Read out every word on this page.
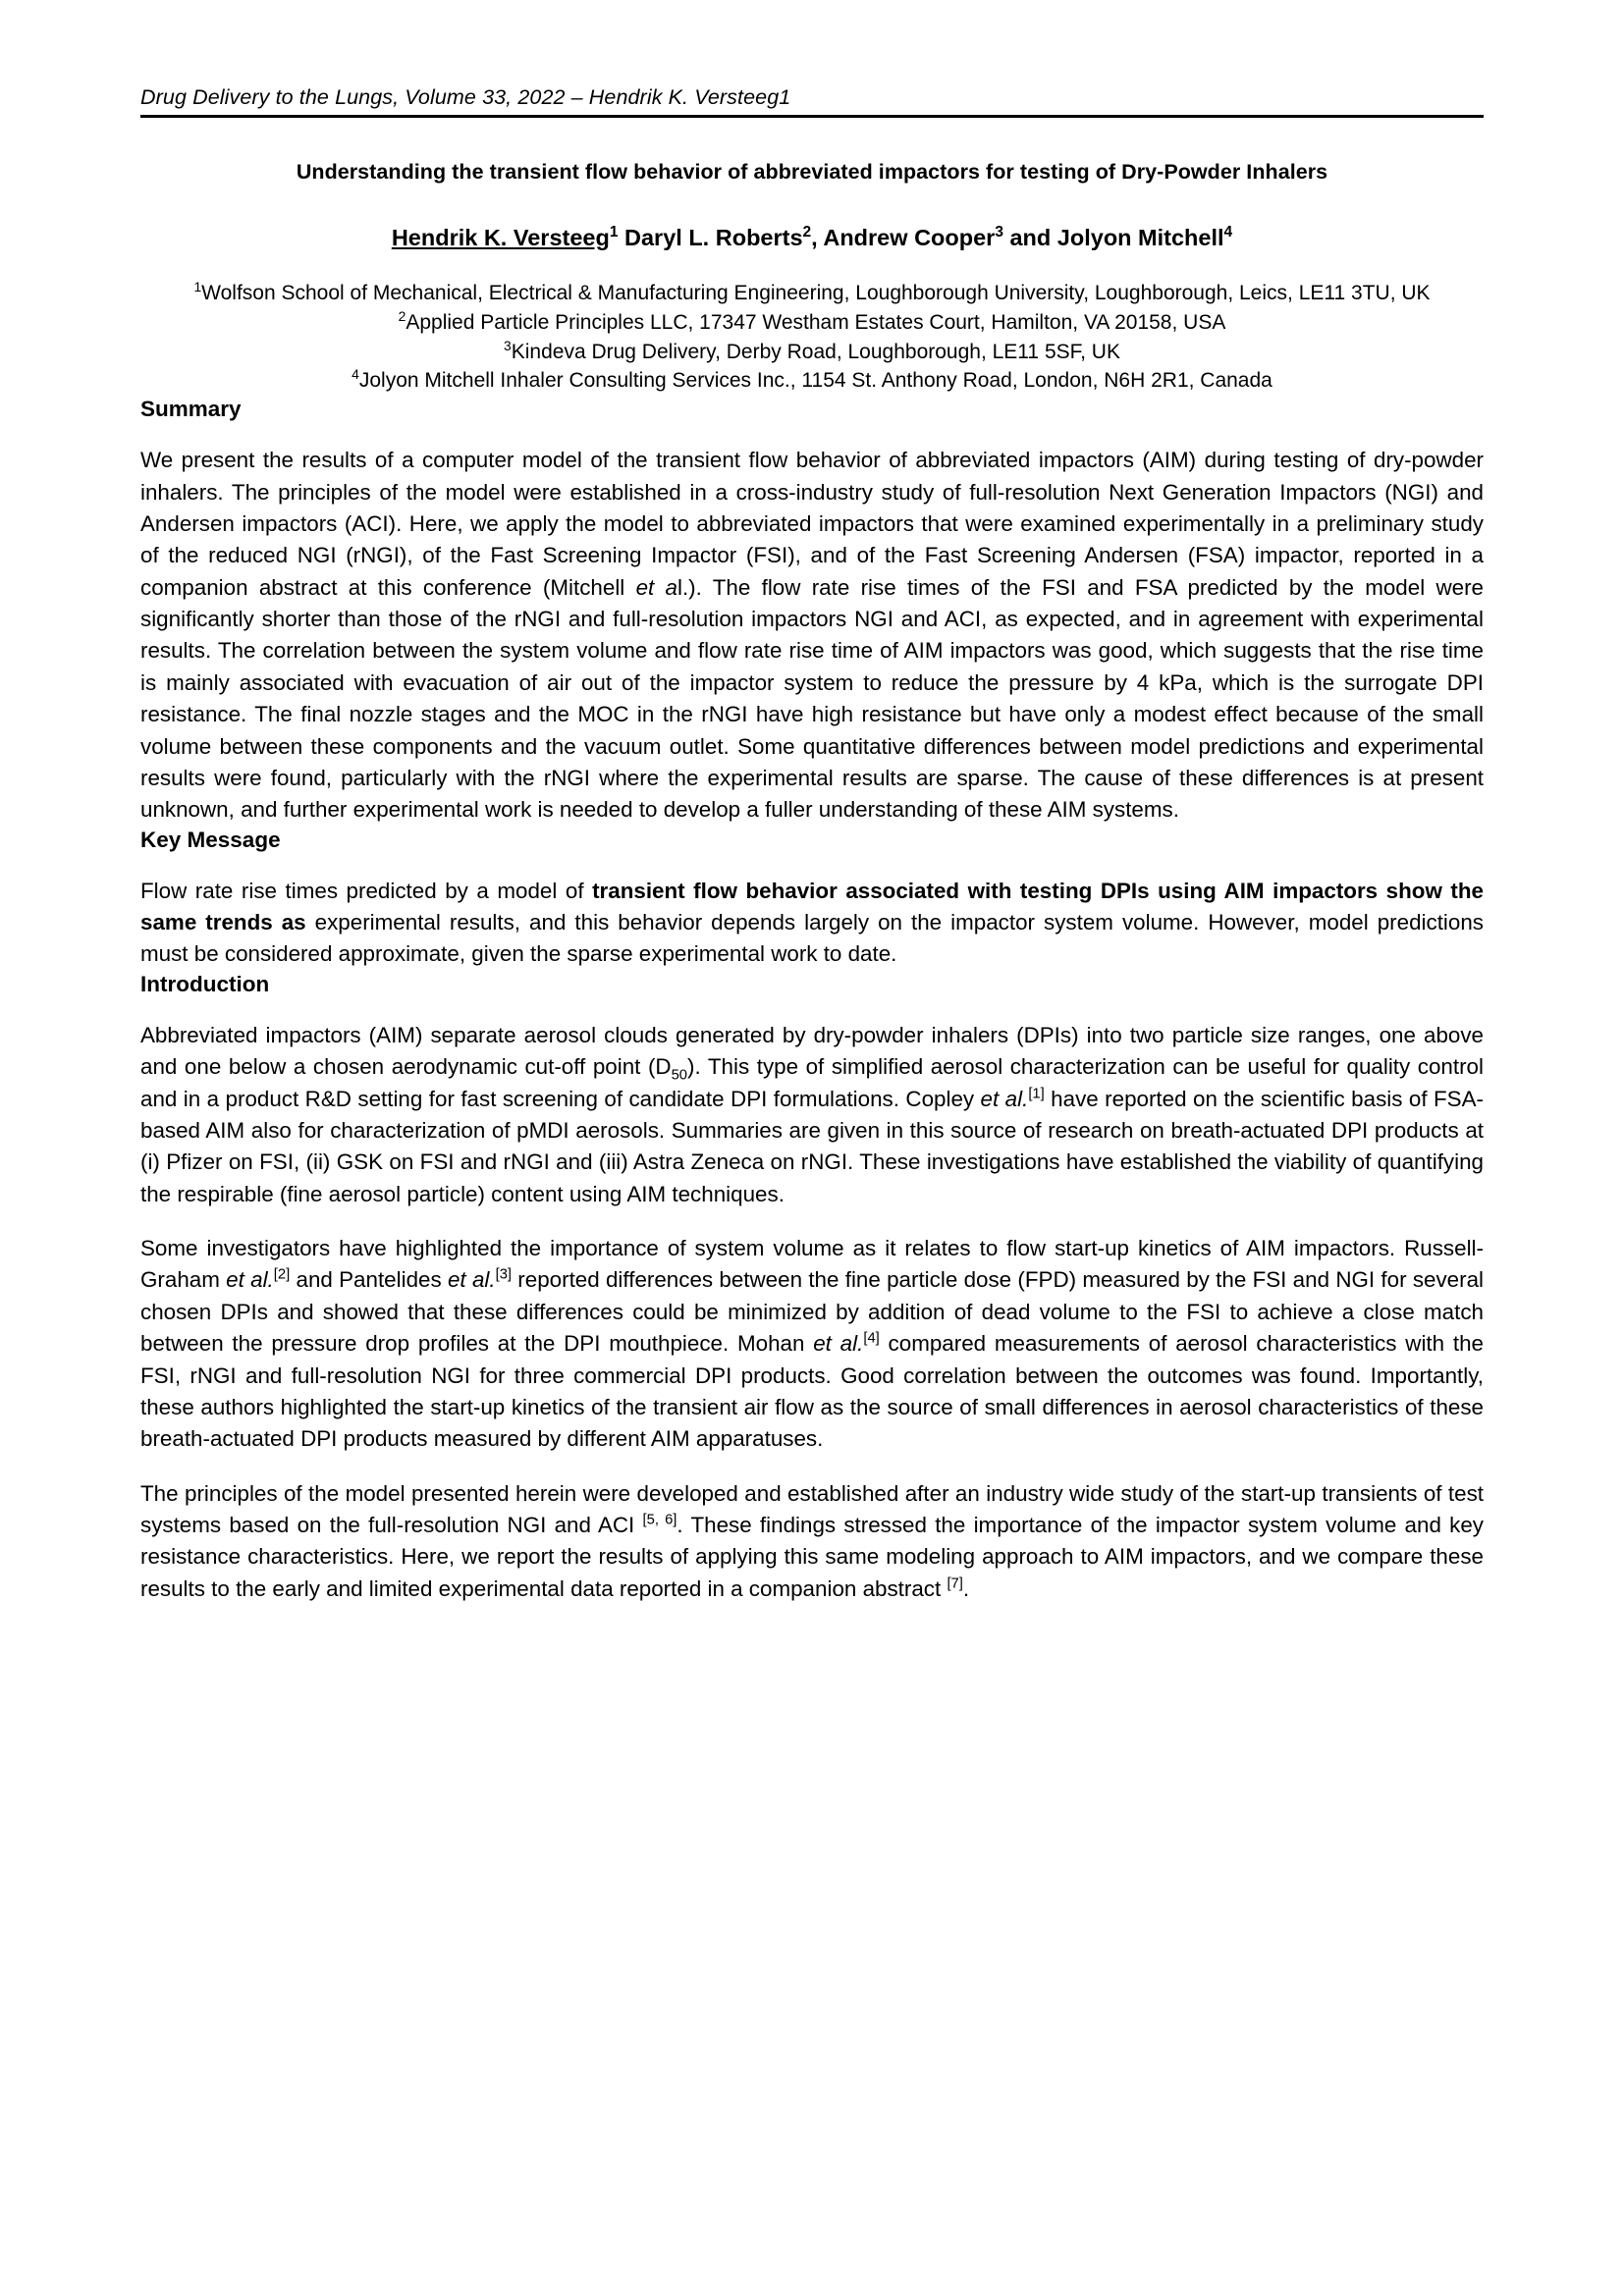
Drug Delivery to the Lungs, Volume 33, 2022 – Hendrik K. Versteeg1
Understanding the transient flow behavior of abbreviated impactors for testing of Dry-Powder Inhalers
Hendrik K. Versteeg$^1$ Daryl L. Roberts$^2$, Andrew Cooper$^3$ and Jolyon Mitchell$^4$
$^1$Wolfson School of Mechanical, Electrical & Manufacturing Engineering, Loughborough University, Loughborough, Leics, LE11 3TU, UK
$^2$Applied Particle Principles LLC, 17347 Westham Estates Court, Hamilton, VA 20158, USA
$^3$Kindeva Drug Delivery, Derby Road, Loughborough, LE11 5SF, UK
$^4$Jolyon Mitchell Inhaler Consulting Services Inc., 1154 St. Anthony Road, London, N6H 2R1, Canada
Summary

We present the results of a computer model of the transient flow behavior of abbreviated impactors (AIM) during testing of dry-powder inhalers. The principles of the model were established in a cross-industry study of full-resolution Next Generation Impactors (NGI) and Andersen impactors (ACI). Here, we apply the model to abbreviated impactors that were examined experimentally in a preliminary study of the reduced NGI (rNGI), of the Fast Screening Impactor (FSI), and of the Fast Screening Andersen (FSA) impactor, reported in a companion abstract at this conference (Mitchell et al.). The flow rate rise times of the FSI and FSA predicted by the model were significantly shorter than those of the rNGI and full-resolution impactors NGI and ACI, as expected, and in agreement with experimental results. The correlation between the system volume and flow rate rise time of AIM impactors was good, which suggests that the rise time is mainly associated with evacuation of air out of the impactor system to reduce the pressure by 4 kPa, which is the surrogate DPI resistance. The final nozzle stages and the MOC in the rNGI have high resistance but have only a modest effect because of the small volume between these components and the vacuum outlet. Some quantitative differences between model predictions and experimental results were found, particularly with the rNGI where the experimental results are sparse. The cause of these differences is at present unknown, and further experimental work is needed to develop a fuller understanding of these AIM systems.

Key Message

Flow rate rise times predicted by a model of transient flow behavior associated with testing DPIs using AIM impactors show the same trends as experimental results, and this behavior depends largely on the impactor system volume. However, model predictions must be considered approximate, given the sparse experimental work to date.

Introduction

Abbreviated impactors (AIM) separate aerosol clouds generated by dry-powder inhalers (DPIs) into two particle size ranges, one above and one below a chosen aerodynamic cut-off point $(D_{50})$. This type of simplified aerosol characterization can be useful for quality control and in a product R&D setting for fast screening of candidate DPI formulations. Copley et al.[1] have reported on the scientific basis of FSA-based AIM also for characterization of pMDI aerosols. Summaries are given in this source of research on breath-actuated DPI products at (i) Pfizer on FSI, (ii) GSK on FSI and rNGI and (iii) Astra Zeneca on rNGI. These investigations have established the viability of quantifying the respirable (fine aerosol particle) content using AIM techniques.

Some investigators have highlighted the importance of system volume as it relates to flow start-up kinetics of AIM impactors. Russell-Graham et al.[2] and Pantelides et al.[3] reported differences between the fine particle dose (FPD) measured by the FSI and NGI for several chosen DPIs and showed that these differences could be minimized by addition of dead volume to the FSI to achieve a close match between the pressure drop profiles at the DPI mouthpiece. Mohan et al.[4] compared measurements of aerosol characteristics with the FSI, rNGI and full-resolution NGI for three commercial DPI products. Good correlation between the outcomes was found. Importantly, these authors highlighted the start-up kinetics of the transient air flow as the source of small differences in aerosol characteristics of these breath-actuated DPI products measured by different AIM apparatuses.

The principles of the model presented herein were developed and established after an industry wide study of the start-up transients of test systems based on the full-resolution NGI and ACI [5, 6]. These findings stressed the importance of the impactor system volume and key resistance characteristics. Here, we report the results of applying this same modeling approach to AIM impactors, and we compare these results to the early and limited experimental data reported in a companion abstract [7].
